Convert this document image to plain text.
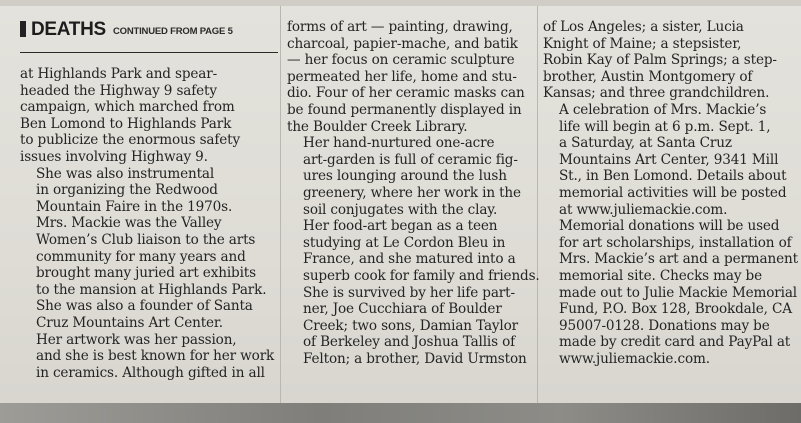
DEATHS CONTINUED FROM PAGE 5

at Highlands Park and spear-
headed the Highway 9 safety
campaign, which marched from
Ben Lomond to Highlands Park
to publicize the enormous safety
issues involving Highway 9.

She was also instrumental
in organizing the Redwood
Mountain Faire in the 1970s.

Mrs. Mackie was the Valley
Women’s Club liaison to the arts
community for many years and
brought many juried art exhibits
to the mansion at Highlands Park.
She was also a founder of Santa
Cruz Mountains Art Center.

Her artwork was her passion,
and she is best known for her work
in ceramics. Although gifted in all

forms of art — painting, drawing,
charcoal, papier-mache, and batik
— her focus on ceramic sculpture
permeated her life, home and stu-
dio. Four of her ceramic masks can
be found permanently displayed in
the Boulder Creek Library.

Her hand-nurtured one-acre
art-garden is full of ceramic fig-
ures lounging around the lush
greenery, where her work in the
soil conjugates with the clay.

Her food-art began as a teen
studying at Le Cordon Bleu in
France, and she matured into a
superb cook for family and friends.

She is survived by her life part-
ner, Joe Cucchiara of Boulder
Creek; two sons, Damian Taylor
of Berkeley and Joshua Tallis of
Felton; a brother, David Urmston

of Los Angeles; a sister, Lucia
Knight of Maine; a stepsister,
Robin Kay of Palm Springs; a step-
brother, Austin Montgomery of
Kansas; and three grandchildren.

A celebration of Mrs. Mackie’s
life will begin at 6 p.m. Sept. 1,
a Saturday, at Santa Cruz
Mountains Art Center, 9341 Mill
St., in Ben Lomond. Details about
memorial activities will be posted
at www.juliemackie.com.

Memorial donations will be used
for art scholarships, installation of
Mrs. Mackie’s art and a permanent
memorial site. Checks may be
made out to Julie Mackie Memorial
Fund, P.O. Box 128, Brookdale, CA
95007-0128. Donations may be
made by credit card and PayPal at
www.juliemackie.com.
